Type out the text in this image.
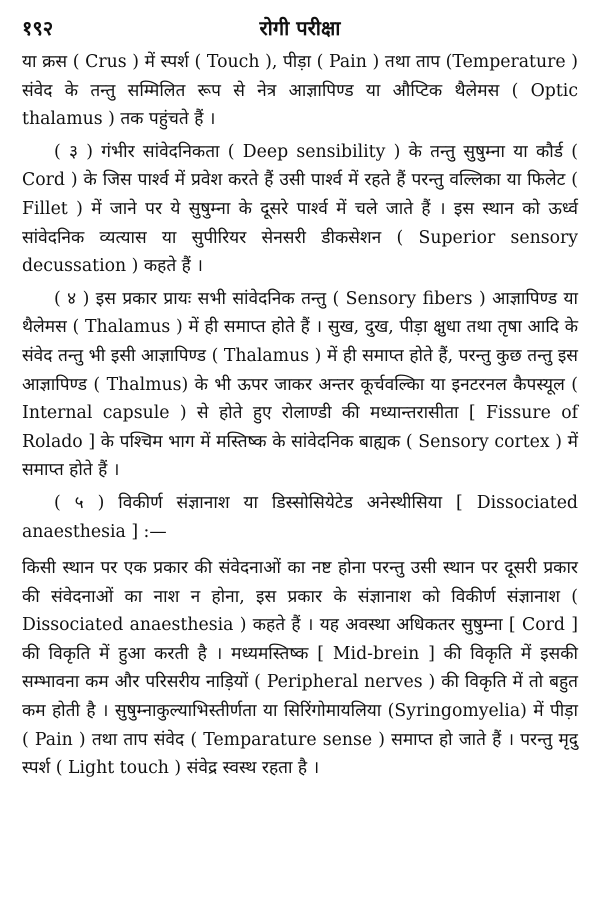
१९२	रोगी परीक्षा

या क्रस ( Crus ) में स्पर्श ( Touch ), पीड़ा ( Pain ) तथा ताप (Temperature ) संवेद के तन्तु सम्मिलित रूप से नेत्र आज्ञापिण्ड या औप्टिक थैलेमस ( Optic thalamus ) तक पहुंचते हैं ।

( ३ ) गंभीर सांवेदनिकता ( Deep sensibility ) के तन्तु सुषुम्ना या कौर्ड ( Cord ) के जिस पार्श्व में प्रवेश करते हैं उसी पार्श्व में रहते हैं परन्तु वल्लिका या फिलेट ( Fillet ) में जाने पर ये सुषुम्ना के दूसरे पार्श्व में चले जाते हैं । इस स्थान को ऊर्ध्व सांवेदनिक व्यत्यास या सुपीरियर सेनसरी डीकसेशन ( Superior sensory decussation ) कहते हैं ।

( ४ ) इस प्रकार प्रायः सभी सांवेदनिक तन्तु ( Sensory fibers ) आज्ञापिण्ड या थैलेमस ( Thalamus ) में ही समाप्त होते हैं । सुख, दुख, पीड़ा क्षुधा तथा तृषा आदि के संवेद तन्तु भी इसी आज्ञापिण्ड ( Thalamus ) में ही समाप्त होते हैं, परन्तु कुछ तन्तु इस आज्ञापिण्ड ( Thalmus) के भी ऊपर जाकर अन्तर कूर्चवल्किा या इनटरनल कैपस्यूल ( Internal capsule ) से होते हुए रोलाण्डी की मध्यान्तरासीता [ Fissure of Rolado ] के पश्चिम भाग में मस्तिष्क के सांवेदनिक बाह्यक ( Sensory cortex ) में समाप्त होते हैं ।

( ५ ) विकीर्ण संज्ञानाश या डिस्सोसियेटेड अनेस्थीसिया [ Dissociated anaesthesia ] :—

किसी स्थान पर एक प्रकार की संवेदनाओं का नष्ट होना परन्तु उसी स्थान पर दूसरी प्रकार की संवेदनाओं का नाश न होना, इस प्रकार के संज्ञानाश को विकीर्ण संज्ञानाश ( Dissociated anaesthesia ) कहते हैं । यह अवस्था अधिकतर सुषुम्ना [ Cord ] की विकृति में हुआ करती है । मध्यमस्तिष्क [ Mid-brein ] की विकृति में इसकी सम्भावना कम और परिसरीय नाड़ियों ( Peripheral nerves ) की विकृति में तो बहुत कम होती है । सुषुम्नाकुल्याभिस्तीर्णता या सिरिंगोमायलिया (Syringomyelia) में पीड़ा ( Pain ) तथा ताप संवेद ( Temparature sense ) समाप्त हो जाते हैं । परन्तु मृदु स्पर्श ( Light touch ) संवेद्र स्वस्थ रहता है ।
